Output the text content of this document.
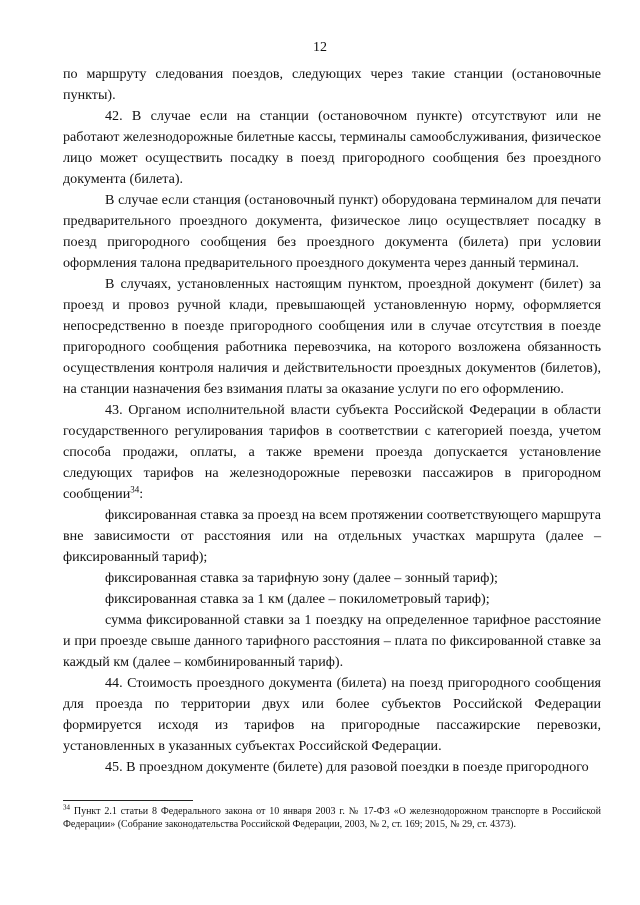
12

по маршруту следования поездов, следующих через такие станции (остановочные пункты).

42. В случае если на станции (остановочном пункте) отсутствуют или не работают железнодорожные билетные кассы, терминалы самообслуживания, физическое лицо может осуществить посадку в поезд пригородного сообщения без проездного документа (билета).

В случае если станция (остановочный пункт) оборудована терминалом для печати предварительного проездного документа, физическое лицо осуществляет посадку в поезд пригородного сообщения без проездного документа (билета) при условии оформления талона предварительного проездного документа через данный терминал.

В случаях, установленных настоящим пунктом, проездной документ (билет) за проезд и провоз ручной клади, превышающей установленную норму, оформляется непосредственно в поезде пригородного сообщения или в случае отсутствия в поезде пригородного сообщения работника перевозчика, на которого возложена обязанность осуществления контроля наличия и действительности проездных документов (билетов), на станции назначения без взимания платы за оказание услуги по его оформлению.

43. Органом исполнительной власти субъекта Российской Федерации в области государственного регулирования тарифов в соответствии с категорией поезда, учетом способа продажи, оплаты, а также времени проезда допускается установление следующих тарифов на железнодорожные перевозки пассажиров в пригородном сообщении$^{34}$:

фиксированная ставка за проезд на всем протяжении соответствующего маршрута вне зависимости от расстояния или на отдельных участках маршрута (далее – фиксированный тариф);

фиксированная ставка за тарифную зону (далее – зонный тариф);

фиксированная ставка за 1 км (далее – покилометровый тариф);

сумма фиксированной ставки за 1 поездку на определенное тарифное расстояние и при проезде свыше данного тарифного расстояния – плата по фиксированной ставке за каждый км (далее – комбинированный тариф).

44. Стоимость проездного документа (билета) на поезд пригородного сообщения для проезда по территории двух или более субъектов Российской Федерации формируется исходя из тарифов на пригородные пассажирские перевозки, установленных в указанных субъектах Российской Федерации.

45. В проездном документе (билете) для разовой поездки в поезде пригородного

$^{34}$ Пункт 2.1 статьи 8 Федерального закона от 10 января 2003 г. № 17-ФЗ «О железнодорожном транспорте в Российской Федерации» (Собрание законодательства Российской Федерации, 2003, № 2, ст. 169; 2015, № 29, ст. 4373).
